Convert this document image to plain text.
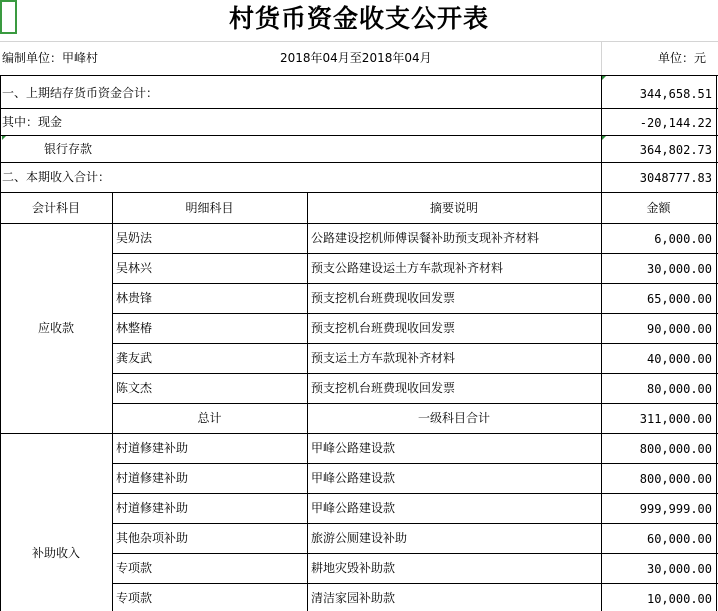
村货币资金收支公开表
编制单位：甲峰村	2018年04月至2018年04月	单位：元
一、上期结存货币资金合计：	344,658.51
其中：现金	-20,144.22
银行存款	364,802.73
二、本期收入合计：	3048777.83
会计科目	明细科目	摘要说明	金额
应收款
吴奶法	公路建设挖机师傅误餐补助预支现补齐材料	6,000.00
吴林兴	预支公路建设运土方车款现补齐材料	30,000.00
林贵锋	预支挖机台班费现收回发票	65,000.00
林整椿	预支挖机台班费现收回发票	90,000.00
龚友武	预支运土方车款现补齐材料	40,000.00
陈文杰	预支挖机台班费现收回发票	80,000.00
总计	一级科目合计	311,000.00
补助收入
村道修建补助	甲峰公路建设款	800,000.00
村道修建补助	甲峰公路建设款	800,000.00
村道修建补助	甲峰公路建设款	999,999.00
其他杂项补助	旅游公厕建设补助	60,000.00
专项款	耕地灾毁补助款	30,000.00
专项款	清洁家园补助款	10,000.00
